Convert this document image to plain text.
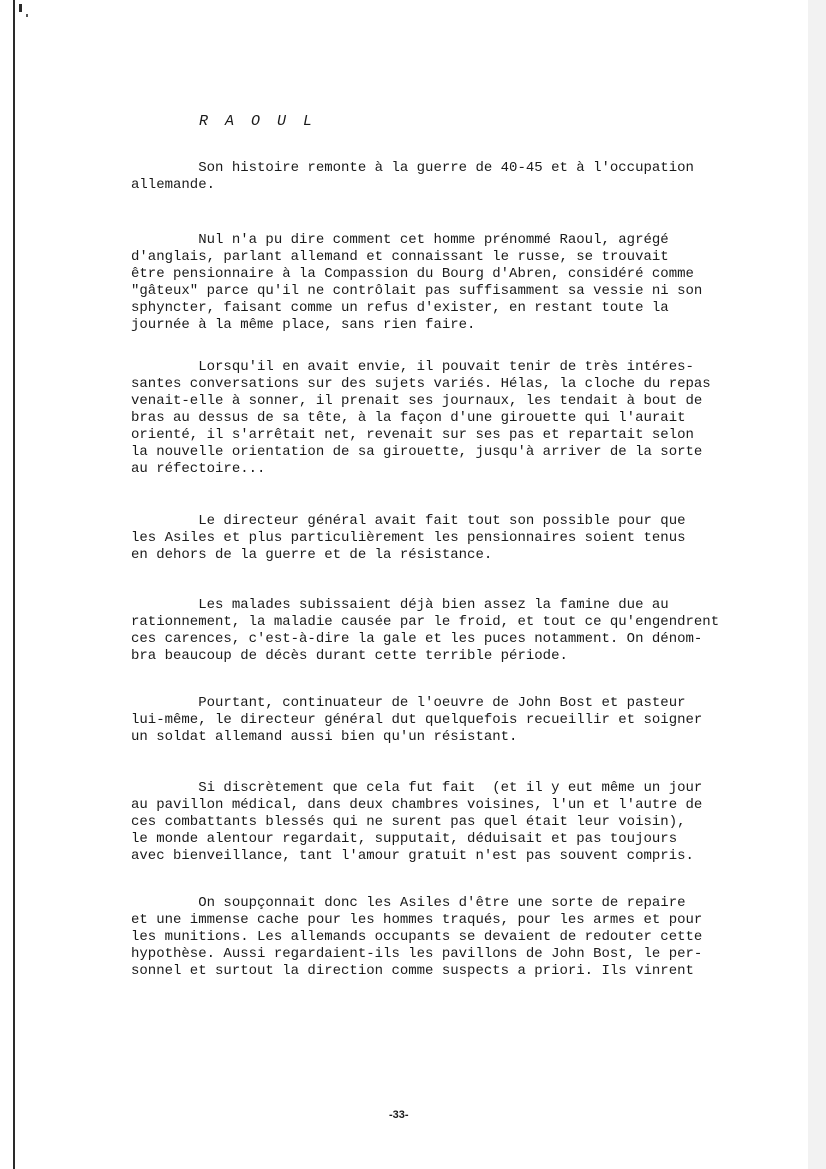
R A O U L
Son histoire remonte à la guerre de 40-45 et à l'occupation
allemande.
Nul n'a pu dire comment cet homme prénommé Raoul, agrégé
d'anglais, parlant allemand et connaissant le russe, se trouvait
être pensionnaire à la Compassion du Bourg d'Abren, considéré comme
"gâteux" parce qu'il ne contrôlait pas suffisamment sa vessie ni son
sphyncter, faisant comme un refus d'exister, en restant toute la
journée à la même place, sans rien faire.
Lorsqu'il en avait envie, il pouvait tenir de très intéres-
santes conversations sur des sujets variés. Hélas, la cloche du repas
venait-elle à sonner, il prenait ses journaux, les tendait à bout de
bras au dessus de sa tête, à la façon d'une girouette qui l'aurait
orienté, il s'arrêtait net, revenait sur ses pas et repartait selon
la nouvelle orientation de sa girouette, jusqu'à arriver de la sorte
au réfectoire...
Le directeur général avait fait tout son possible pour que
les Asiles et plus particulièrement les pensionnaires soient tenus
en dehors de la guerre et de la résistance.
Les malades subissaient déjà bien assez la famine due au
rationnement, la maladie causée par le froid, et tout ce qu'engendrent
ces carences, c'est-à-dire la gale et les puces notamment. On dénom-
bra beaucoup de décès durant cette terrible période.
Pourtant, continuateur de l'oeuvre de John Bost et pasteur
lui-même, le directeur général dut quelquefois recueillir et soigner
un soldat allemand aussi bien qu'un résistant.
Si discrètement que cela fut fait  (et il y eut même un jour
au pavillon médical, dans deux chambres voisines, l'un et l'autre de
ces combattants blessés qui ne surent pas quel était leur voisin),
le monde alentour regardait, supputait, déduisait et pas toujours
avec bienveillance, tant l'amour gratuit n'est pas souvent compris.
On soupçonnait donc les Asiles d'être une sorte de repaire
et une immense cache pour les hommes traqués, pour les armes et pour
les munitions. Les allemands occupants se devaient de redouter cette
hypothèse. Aussi regardaient-ils les pavillons de John Bost, le per-
sonnel et surtout la direction comme suspects a priori. Ils vinrent
-33-
